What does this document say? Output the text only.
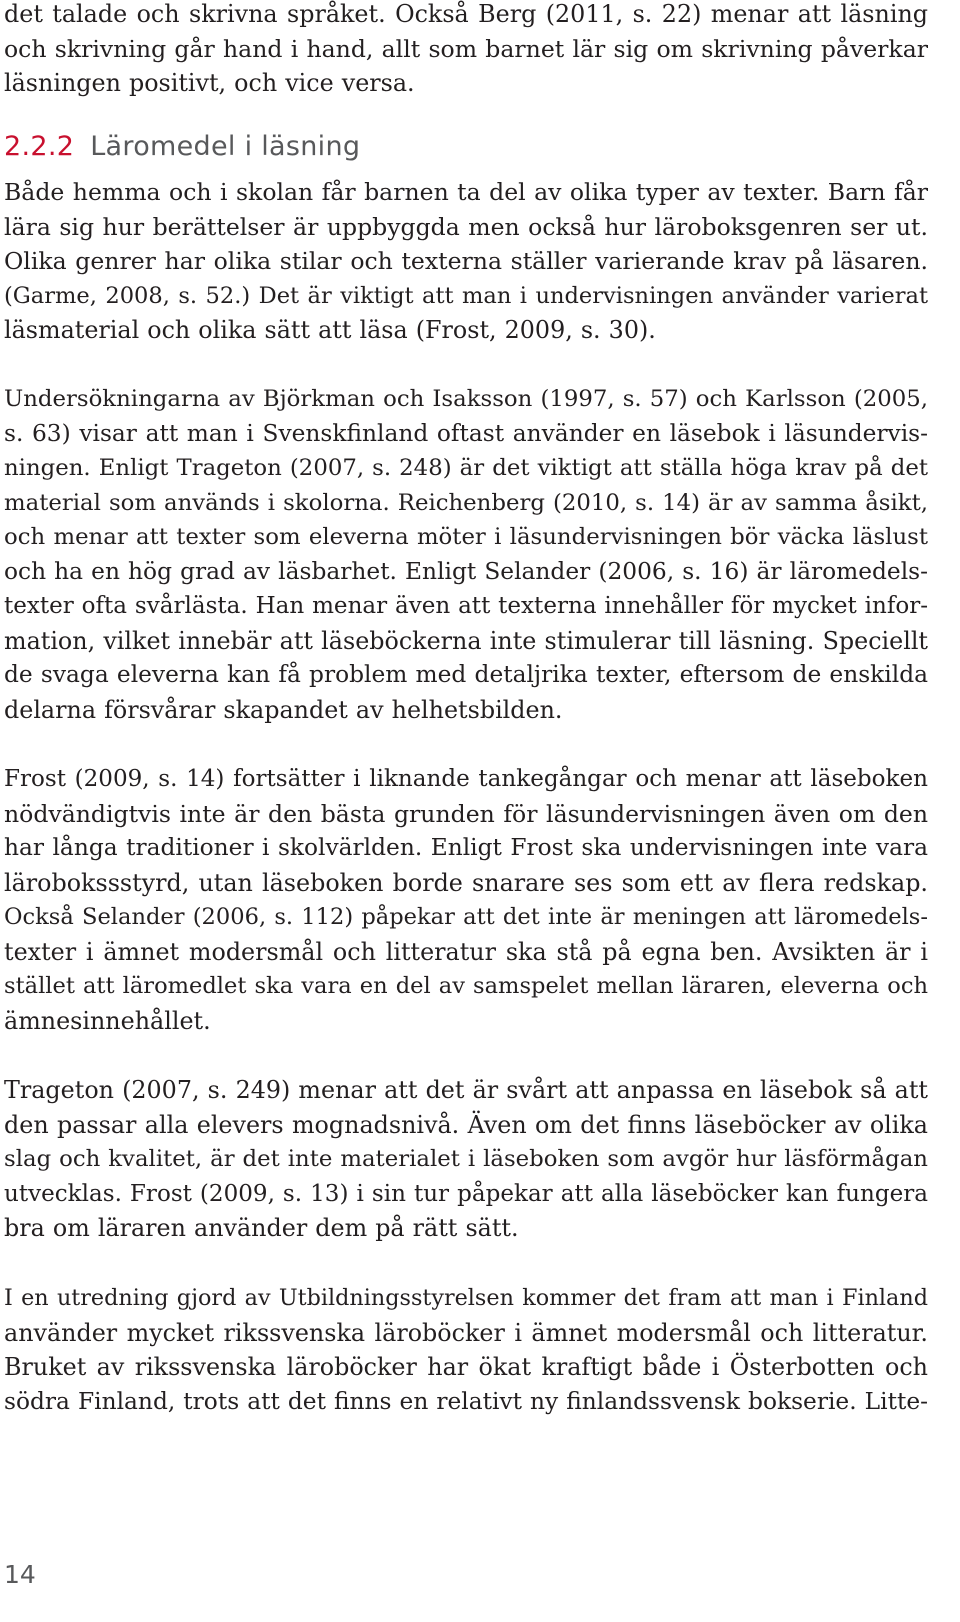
det talade och skrivna språket. Också Berg (2011, s. 22) menar att läsning
och skrivning går hand i hand, allt som barnet lär sig om skrivning påverkar
läsningen positivt, och vice versa.

2.2.2 Läromedel i läsning

Både hemma och i skolan får barnen ta del av olika typer av texter. Barn får
lära sig hur berättelser är uppbyggda men också hur läroboksgenren ser ut.
Olika genrer har olika stilar och texterna ställer varierande krav på läsaren.
(Garme, 2008, s. 52.) Det är viktigt att man i undervisningen använder varierat
läsmaterial och olika sätt att läsa (Frost, 2009, s. 30).

Undersökningarna av Björkman och Isaksson (1997, s. 57) och Karlsson (2005,
s. 63) visar att man i Svenskfinland oftast använder en läsebok i läsundervis-
ningen. Enligt Trageton (2007, s. 248) är det viktigt att ställa höga krav på det
material som används i skolorna. Reichenberg (2010, s. 14) är av samma åsikt,
och menar att texter som eleverna möter i läsundervisningen bör väcka läslust
och ha en hög grad av läsbarhet. Enligt Selander (2006, s. 16) är läromedels-
texter ofta svårlästa. Han menar även att texterna innehåller för mycket infor-
mation, vilket innebär att läseböckerna inte stimulerar till läsning. Speciellt
de svaga eleverna kan få problem med detaljrika texter, eftersom de enskilda
delarna försvårar skapandet av helhetsbilden.

Frost (2009, s. 14) fortsätter i liknande tankegångar och menar att läseboken
nödvändigtvis inte är den bästa grunden för läsundervisningen även om den
har långa traditioner i skolvärlden. Enligt Frost ska undervisningen inte vara
lärobokssstyrd, utan läseboken borde snarare ses som ett av flera redskap.
Också Selander (2006, s. 112) påpekar att det inte är meningen att läromedels-
texter i ämnet modersmål och litteratur ska stå på egna ben. Avsikten är i
stället att läromedlet ska vara en del av samspelet mellan läraren, eleverna och
ämnesinnehållet.

Trageton (2007, s. 249) menar att det är svårt att anpassa en läsebok så att
den passar alla elevers mognadsnivå. Även om det finns läseböcker av olika
slag och kvalitet, är det inte materialet i läseboken som avgör hur läsförmågan
utvecklas. Frost (2009, s. 13) i sin tur påpekar att alla läseböcker kan fungera
bra om läraren använder dem på rätt sätt.

I en utredning gjord av Utbildningsstyrelsen kommer det fram att man i Finland
använder mycket rikssvenska läroböcker i ämnet modersmål och litteratur.
Bruket av rikssvenska läroböcker har ökat kraftigt både i Österbotten och
södra Finland, trots att det finns en relativt ny finlandssvensk bokserie. Litte-

14
